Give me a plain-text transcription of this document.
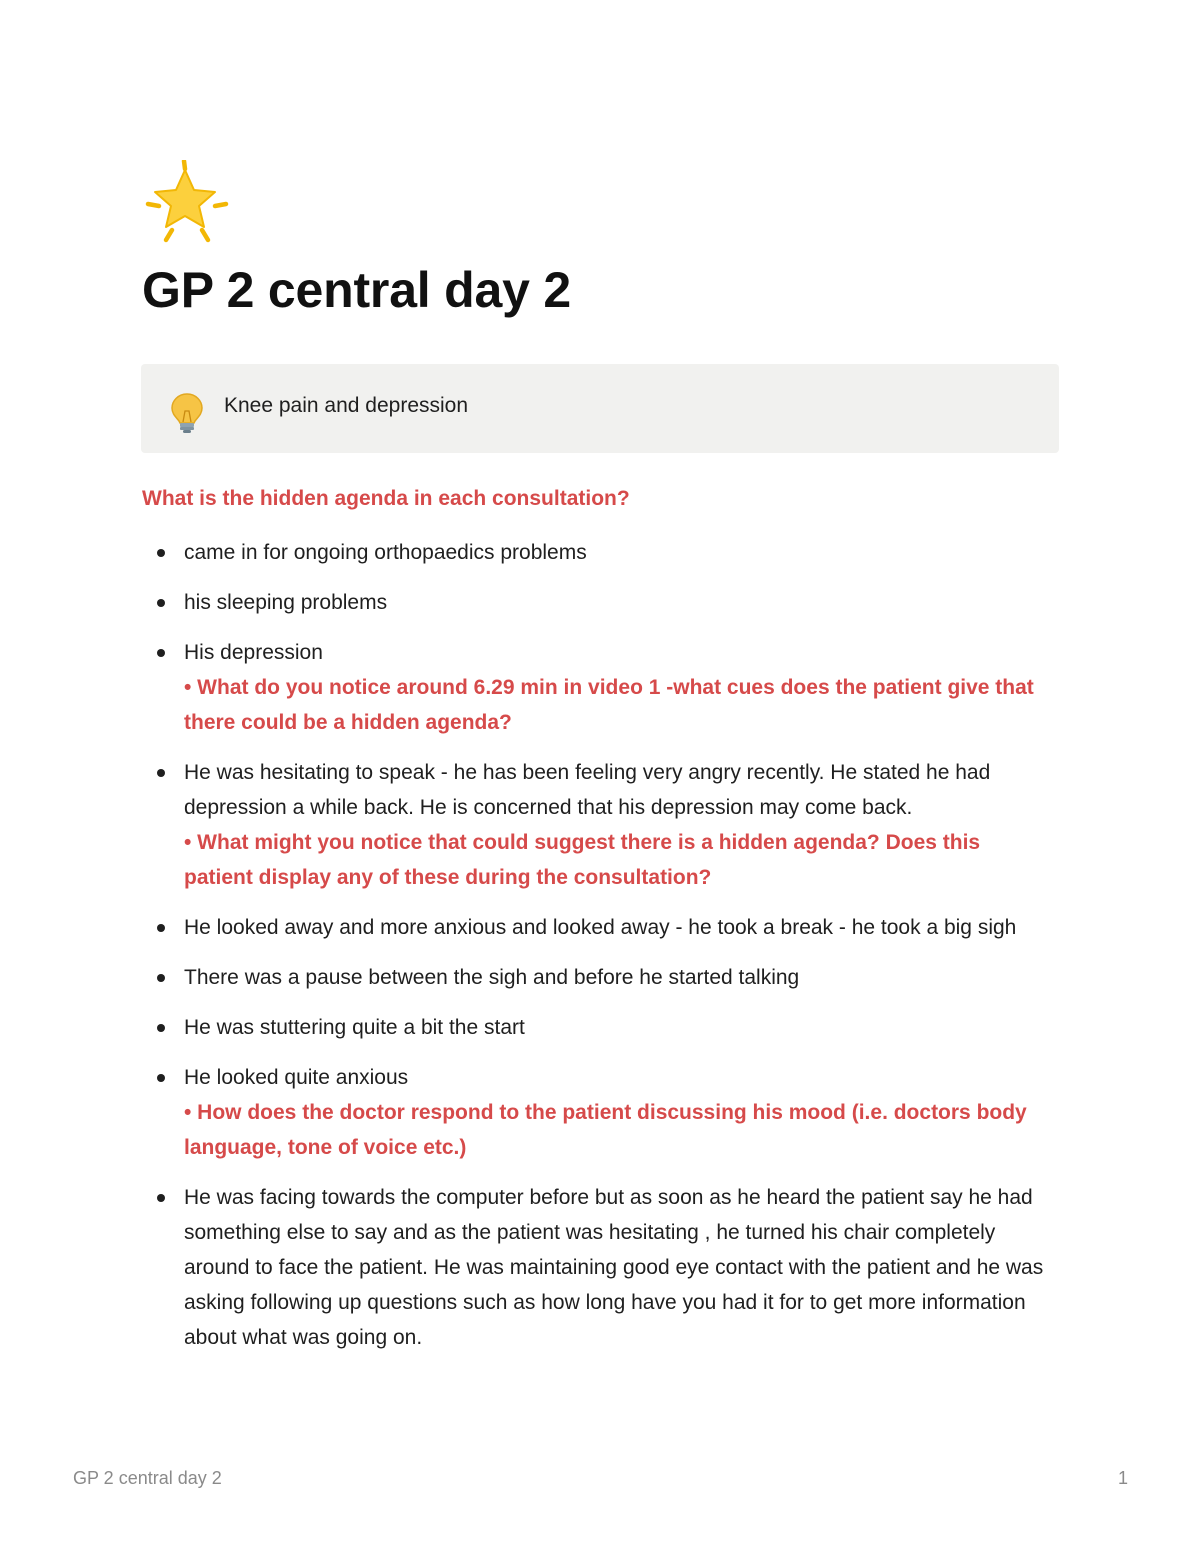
GP 2 central day 2
Knee pain and depression
What is the hidden agenda in each consultation?
came in for ongoing orthopaedics problems
his sleeping problems
His depression
• What do you notice around 6.29 min in video 1 -what cues does the patient give that there could be a hidden agenda?
He was hesitating to speak - he has been feeling very angry recently. He stated he had depression a while back. He is concerned that his depression may come back.
• What might you notice that could suggest there is a hidden agenda? Does this patient display any of these during the consultation?
He looked away and more anxious and looked away - he took a break - he took a big sigh
There was a pause between the sigh and before he started talking
He was stuttering quite a bit the start
He looked quite anxious
• How does the doctor respond to the patient discussing his mood (i.e. doctors body language, tone of voice etc.)
He was facing towards the computer before but as soon as he heard the patient say he had something else to say and as the patient was hesitating , he turned his chair completely around to face the patient. He was maintaining good eye contact with the patient and he was asking following up questions such as how long have you had it for to get more information about what was going on.
GP 2 central day 2	1
